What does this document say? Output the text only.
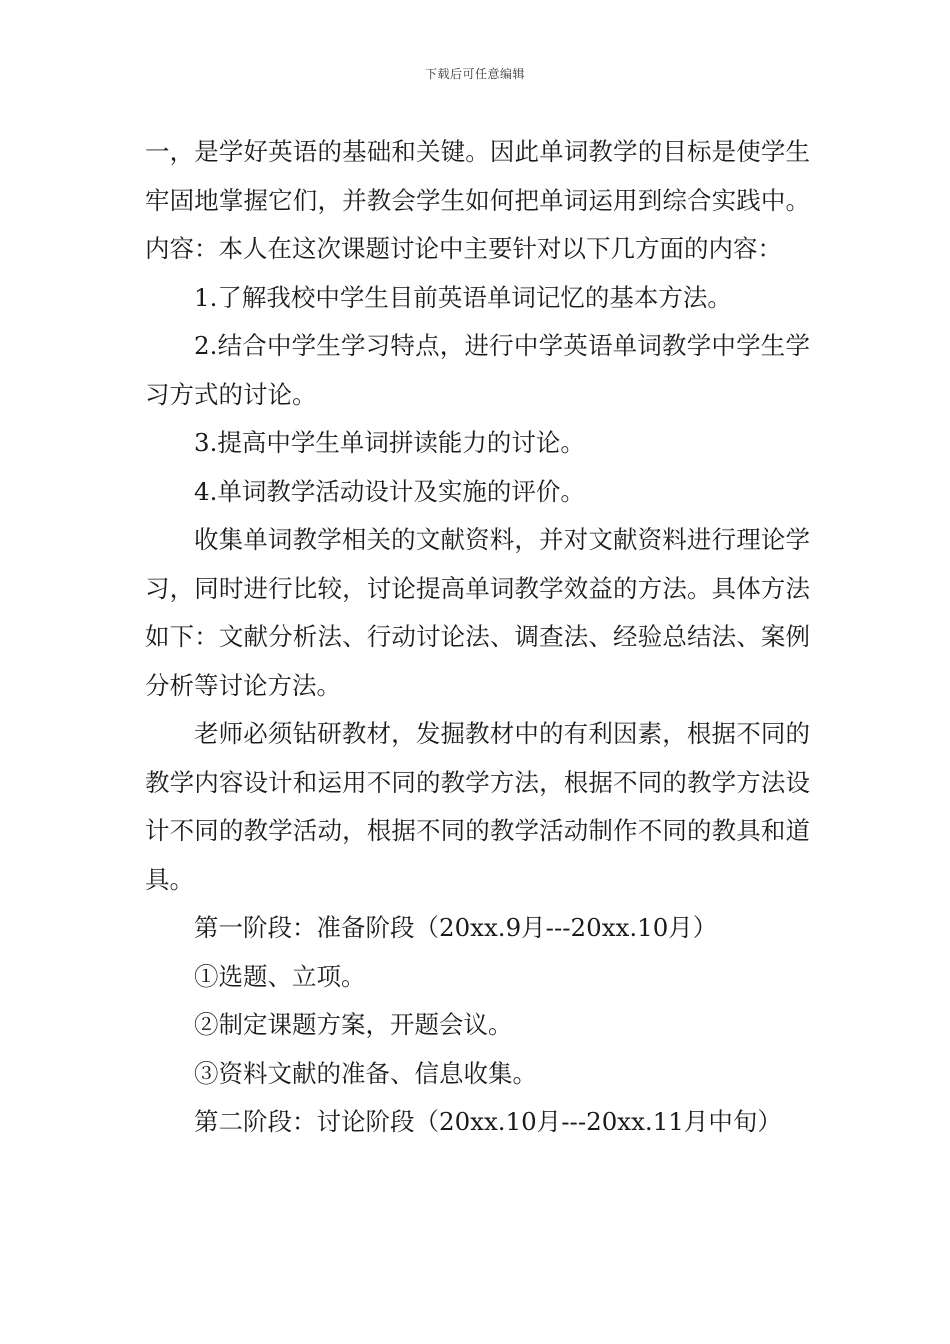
下载后可任意编辑

一，是学好英语的基础和关键。因此单词教学的目标是使学生牢固地掌握它们，并教会学生如何把单词运用到综合实践中。内容：本人在这次课题讨论中主要针对以下几方面的内容：

1.了解我校中学生目前英语单词记忆的基本方法。

2.结合中学生学习特点，进行中学英语单词教学中学生学习方式的讨论。

3.提高中学生单词拼读能力的讨论。

4.单词教学活动设计及实施的评价。

收集单词教学相关的文献资料，并对文献资料进行理论学习，同时进行比较，讨论提高单词教学效益的方法。具体方法如下：文献分析法、行动讨论法、调查法、经验总结法、案例分析等讨论方法。

老师必须钻研教材，发掘教材中的有利因素，根据不同的教学内容设计和运用不同的教学方法，根据不同的教学方法设计不同的教学活动，根据不同的教学活动制作不同的教具和道具。

第一阶段：准备阶段（20xx.9月---20xx.10月）

①选题、立项。

②制定课题方案，开题会议。

③资料文献的准备、信息收集。

第二阶段：讨论阶段（20xx.10月---20xx.11月中旬）
